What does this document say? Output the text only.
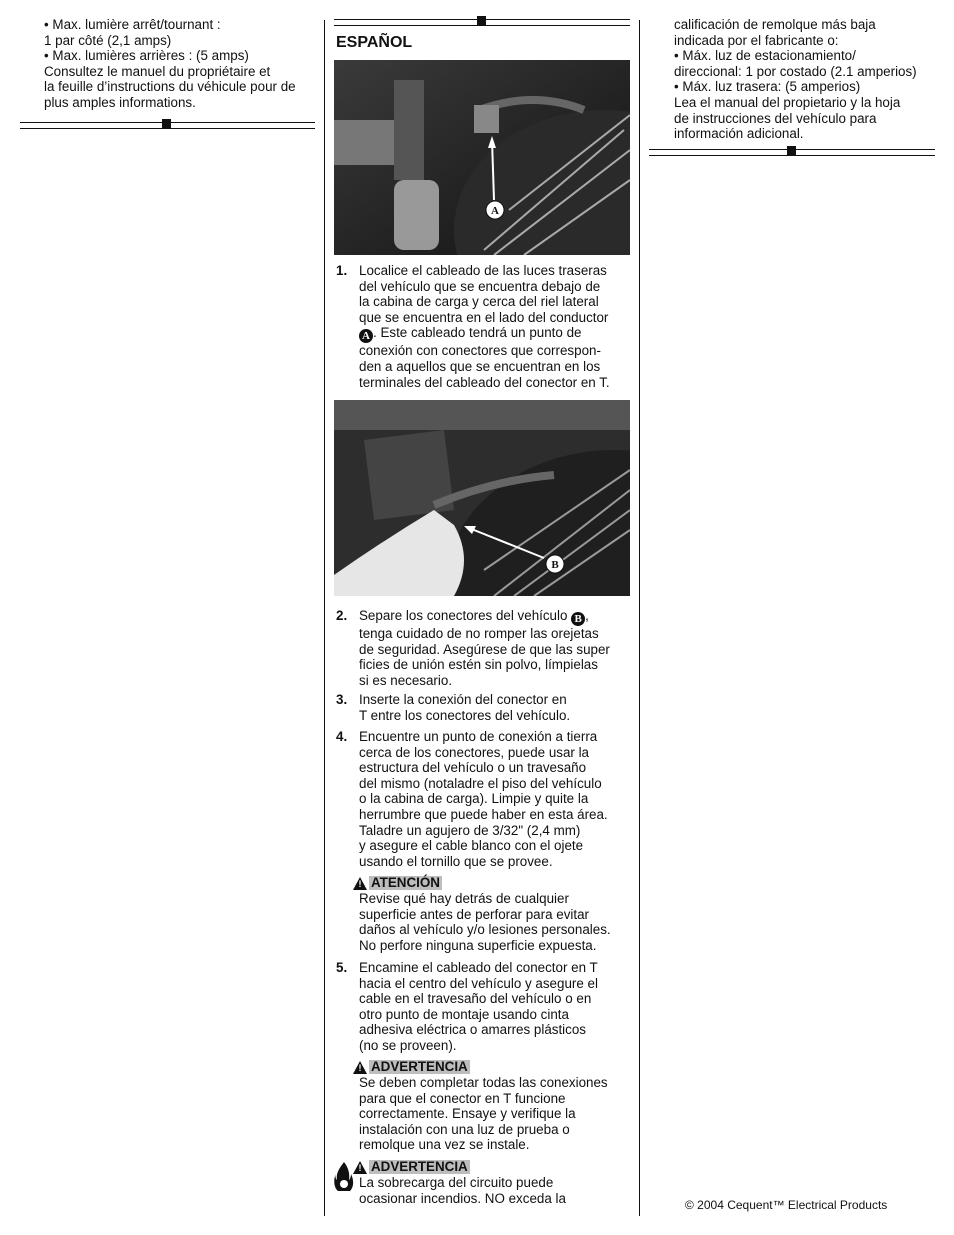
• Max. lumière arrêt/tournant :
1 par côté (2,1 amps)
• Max. lumières arrières : (5 amps)
Consultez le manuel du propriétaire et
la feuille d’instructions du véhicule pour de
plus amples informations.
ESPAÑOL
A
1. Localice el cableado de las luces traseras
del vehículo que se encuentra debajo de
la cabina de carga y cerca del riel lateral
que se encuentra en el lado del conductor
A . Este cableado tendrá un punto de
conexión con conectores que correspon-
den a aquellos que se encuentran en los
terminales del cableado del conector en T.
B
2. Separe los conectores del vehículo B ,
tenga cuidado de no romper las orejetas
de seguridad. Asegúrese de que las super
ficies de unión estén sin polvo, límpielas
si es necesario.
3. Inserte la conexión del conector en
T entre los conectores del vehículo.
4. Encuentre un punto de conexión a tierra
cerca de los conectores, puede usar la
estructura del vehículo o un travesaño
del mismo (notaladre el piso del vehículo
o la cabina de carga). Limpie y quite la
herrumbre que puede haber en esta área.
Taladre un agujero de 3/32" (2,4 mm)
y asegure el cable blanco con el ojete
usando el tornillo que se provee.
! ATENCIÓN
Revise qué hay detrás de cualquier
superficie antes de perforar para evitar
daños al vehículo y/o lesiones personales.
No perfore ninguna superficie expuesta.
5. Encamine el cableado del conector en T
hacia el centro del vehículo y asegure el
cable en el travesaño del vehículo o en
otro punto de montaje usando cinta
adhesiva eléctrica o amarres plásticos
(no se proveen).
! ADVERTENCIA
Se deben completar todas las conexiones
para que el conector en T funcione
correctamente. Ensaye y verifique la
instalación con una luz de prueba o
remolque una vez se instale.
! ADVERTENCIA
La sobrecarga del circuito puede
ocasionar incendios. NO exceda la
calificación de remolque más baja
indicada por el fabricante o:
• Máx. luz de estacionamiento/
direccional: 1 por costado (2.1 amperios)
• Máx. luz trasera: (5 amperios)
Lea el manual del propietario y la hoja
de instrucciones del vehículo para
información adicional.
© 2004 Cequent™ Electrical Products
